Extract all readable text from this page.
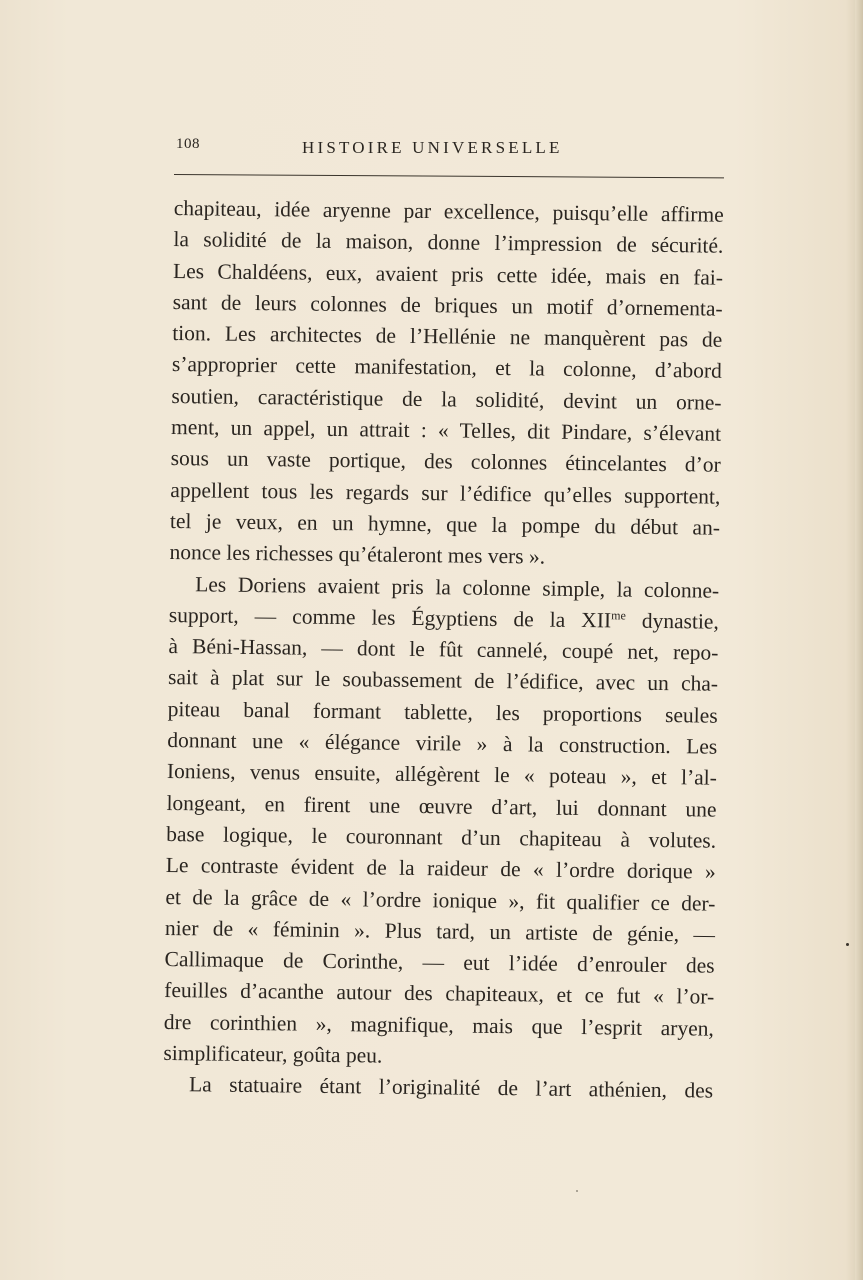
108	HISTOIRE UNIVERSELLE
chapiteau, idée aryenne par excellence, puisqu’elle affirme
la solidité de la maison, donne l’impression de sécurité.
Les Chaldéens, eux, avaient pris cette idée, mais en fai-
sant de leurs colonnes de briques un motif d’ornementa-
tion. Les architectes de l’Hellénie ne manquèrent pas de
s’approprier cette manifestation, et la colonne, d’abord
soutien, caractéristique de la solidité, devint un orne-
ment, un appel, un attrait : « Telles, dit Pindare, s’élevant
sous un vaste portique, des colonnes étincelantes d’or
appellent tous les regards sur l’édifice qu’elles supportent,
tel je veux, en un hymne, que la pompe du début an-
nonce les richesses qu’étaleront mes vers ».
Les Doriens avaient pris la colonne simple, la colonne-
support, — comme les Égyptiens de la $XII^{me}$ dynastie,
à Béni-Hassan, — dont le fût cannelé, coupé net, repo-
sait à plat sur le soubassement de l’édifice, avec un cha-
piteau banal formant tablette, les proportions seules
donnant une « élégance virile » à la construction. Les
Ioniens, venus ensuite, allégèrent le « poteau », et l’al-
longeant, en firent une œuvre d’art, lui donnant une
base logique, le couronnant d’un chapiteau à volutes.
Le contraste évident de la raideur de « l’ordre dorique »
et de la grâce de « l’ordre ionique », fit qualifier ce der-
nier de « féminin ». Plus tard, un artiste de génie, —
Callimaque de Corinthe, — eut l’idée d’enrouler des
feuilles d’acanthe autour des chapiteaux, et ce fut « l’or-
dre corinthien », magnifique, mais que l’esprit aryen,
simplificateur, goûta peu.
La statuaire étant l’originalité de l’art athénien, des
